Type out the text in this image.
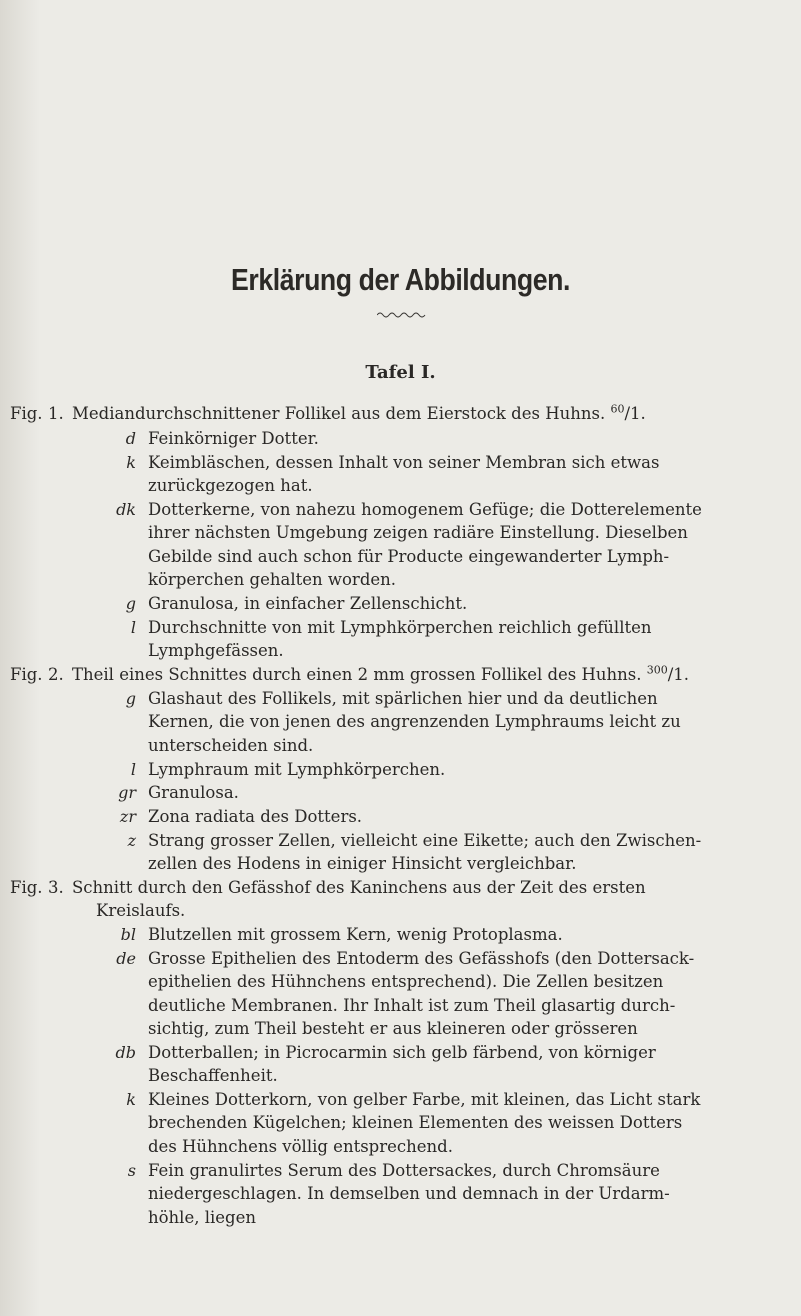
Erklärung der Abbildungen.
Tafel I.
Fig. 1. Mediandurchschnittener Follikel aus dem Eierstock des Huhns. $^{60}$/1.
d Feinkörniger Dotter.
k Keimbläschen, dessen Inhalt von seiner Membran sich etwas
zurückgezogen hat.
dk Dotterkerne, von nahezu homogenem Gefüge; die Dotterelemente
ihrer nächsten Umgebung zeigen radiäre Einstellung. Dieselben
Gebilde sind auch schon für Producte eingewanderter Lymph-
körperchen gehalten worden.
g Granulosa, in einfacher Zellenschicht.
l Durchschnitte von mit Lymphkörperchen reichlich gefüllten
Lymphgefässen.
Fig. 2. Theil eines Schnittes durch einen 2 mm grossen Follikel des Huhns. $^{300}$/1.
g Glashaut des Follikels, mit spärlichen hier und da deutlichen
Kernen, die von jenen des angrenzenden Lymphraums leicht zu
unterscheiden sind.
l Lymphraum mit Lymphkörperchen.
gr Granulosa.
zr Zona radiata des Dotters.
z Strang grosser Zellen, vielleicht eine Eikette; auch den Zwischen-
zellen des Hodens in einiger Hinsicht vergleichbar.
Fig. 3. Schnitt durch den Gefässhof des Kaninchens aus der Zeit des ersten
Kreislaufs.
bl Blutzellen mit grossem Kern, wenig Protoplasma.
de Grosse Epithelien des Entoderm des Gefässhofs (den Dottersack-
epithelien des Hühnchens entsprechend). Die Zellen besitzen
deutliche Membranen. Ihr Inhalt ist zum Theil glasartig durch-
sichtig, zum Theil besteht er aus kleineren oder grösseren
db Dotterballen; in Picrocarmin sich gelb färbend, von körniger
Beschaffenheit.
k Kleines Dotterkorn, von gelber Farbe, mit kleinen, das Licht stark
brechenden Kügelchen; kleinen Elementen des weissen Dotters
des Hühnchens völlig entsprechend.
s Fein granulirtes Serum des Dottersackes, durch Chromsäure
niedergeschlagen. In demselben und demnach in der Urdarm-
höhle, liegen
